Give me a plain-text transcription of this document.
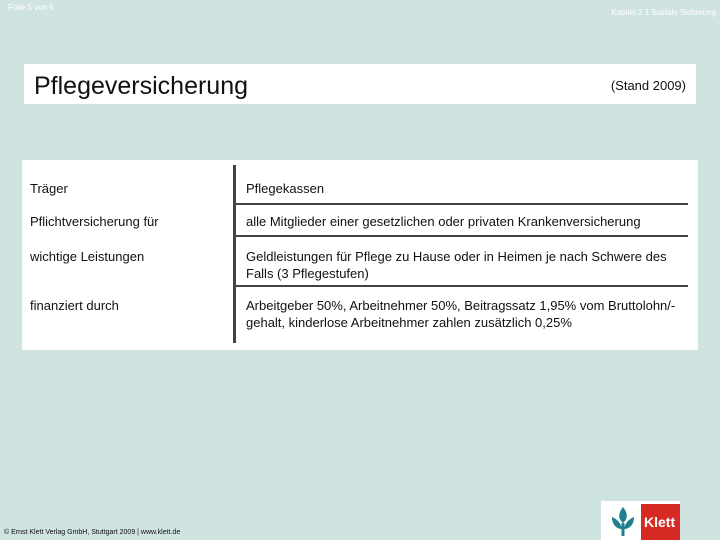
Folie 5 von 6
Kapitel 2.1 Soziale Sicherung
Pflegeversicherung	(Stand 2009)
Träger	Pflegekassen
Pflichtversicherung für	alle Mitglieder einer gesetzlichen oder privaten Krankenversicherung
wichtige Leistungen	Geldleistungen für Pflege zu Hause oder in Heimen je nach Schwere des Falls (3 Pflegestufen)
finanziert durch	Arbeitgeber 50%, Arbeitnehmer 50%, Beitragssatz 1,95% vom Bruttolohn/-gehalt, kinderlose Arbeitnehmer zahlen zusätzlich 0,25%
© Ernst Klett Verlag GmbH, Stuttgart 2009 | www.klett.de
Klett
